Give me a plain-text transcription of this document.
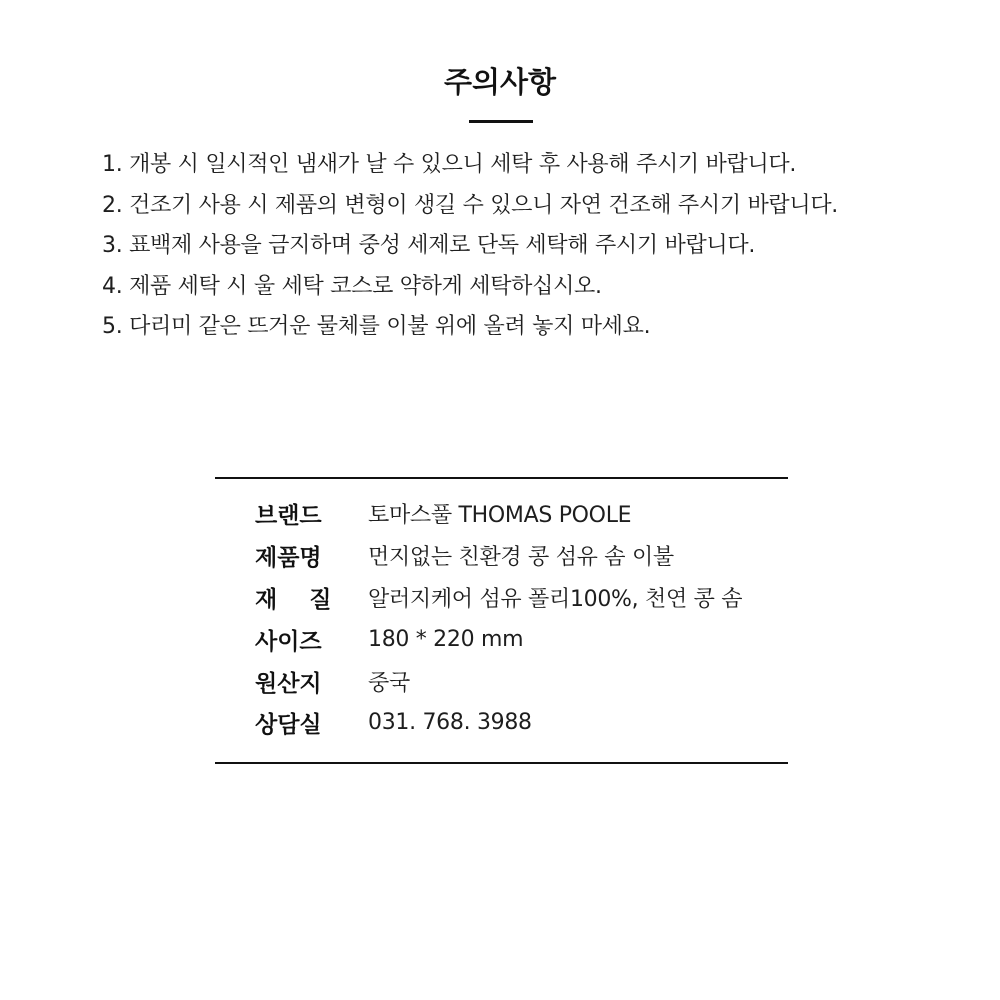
주의사항
1. 개봉 시 일시적인 냄새가 날 수 있으니 세탁 후 사용해 주시기 바랍니다.
2. 건조기 사용 시 제품의 변형이 생길 수 있으니 자연 건조해 주시기 바랍니다.
3. 표백제 사용을 금지하며 중성 세제로 단독 세탁해 주시기 바랍니다.
4. 제품 세탁 시 울 세탁 코스로 약하게 세탁하십시오.
5. 다리미 같은 뜨거운 물체를 이불 위에 올려 놓지 마세요.
브랜드	토마스풀 THOMAS POOLE
제품명	먼지없는 친환경 콩 섬유 솜 이불
재    질	알러지케어 섬유 폴리100%, 천연 콩 솜
사이즈	180 * 220 mm
원산지	중국
상담실	031. 768. 3988
